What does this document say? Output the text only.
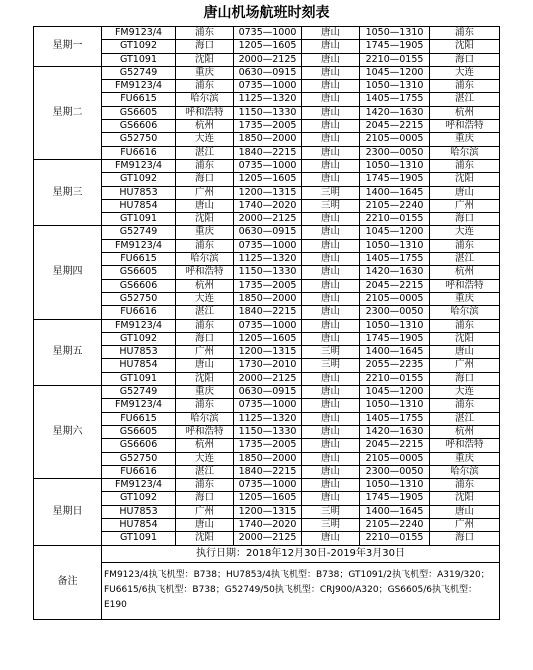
唐山机场航班时刻表
星期一	FM9123/4	浦东	0735—1000	唐山	1050—1310	浦东
	GT1092	海口	1205—1605	唐山	1745—1905	沈阳
	GT1091	沈阳	2000—2125	唐山	2210—0155	海口
星期二	G52749	重庆	0630—0915	唐山	1045—1200	大连
	FM9123/4	浦东	0735—1000	唐山	1050—1310	浦东
	FU6615	哈尔滨	1125—1320	唐山	1405—1755	湛江
	GS6605	呼和浩特	1150—1330	唐山	1420—1630	杭州
	GS6606	杭州	1735—2005	唐山	2045—2215	呼和浩特
	G52750	大连	1850—2000	唐山	2105—0005	重庆
	FU6616	湛江	1840—2215	唐山	2300—0050	哈尔滨
星期三	FM9123/4	浦东	0735—1000	唐山	1050—1310	浦东
	GT1092	海口	1205—1605	唐山	1745—1905	沈阳
	HU7853	广州	1200—1315	三明	1400—1645	唐山
	HU7854	唐山	1740—2020	三明	2105—2240	广州
	GT1091	沈阳	2000—2125	唐山	2210—0155	海口
星期四	G52749	重庆	0630—0915	唐山	1045—1200	大连
	FM9123/4	浦东	0735—1000	唐山	1050—1310	浦东
	FU6615	哈尔滨	1125—1320	唐山	1405—1755	湛江
	GS6605	呼和浩特	1150—1330	唐山	1420—1630	杭州
	GS6606	杭州	1735—2005	唐山	2045—2215	呼和浩特
	G52750	大连	1850—2000	唐山	2105—0005	重庆
	FU6616	湛江	1840—2215	唐山	2300—0050	哈尔滨
星期五	FM9123/4	浦东	0735—1000	唐山	1050—1310	浦东
	GT1092	海口	1205—1605	唐山	1745—1905	沈阳
	HU7853	广州	1200—1315	三明	1400—1645	唐山
	HU7854	唐山	1730—2010	三明	2055—2235	广州
	GT1091	沈阳	2000—2125	唐山	2210—0155	海口
星期六	G52749	重庆	0630—0915	唐山	1045—1200	大连
	FM9123/4	浦东	0735—1000	唐山	1050—1310	浦东
	FU6615	哈尔滨	1125—1320	唐山	1405—1755	湛江
	GS6605	呼和浩特	1150—1330	唐山	1420—1630	杭州
	GS6606	杭州	1735—2005	唐山	2045—2215	呼和浩特
	G52750	大连	1850—2000	唐山	2105—0005	重庆
	FU6616	湛江	1840—2215	唐山	2300—0050	哈尔滨
星期日	FM9123/4	浦东	0735—1000	唐山	1050—1310	浦东
	GT1092	海口	1205—1605	唐山	1745—1905	沈阳
	HU7853	广州	1200—1315	三明	1400—1645	唐山
	HU7854	唐山	1740—2020	三明	2105—2240	广州
	GT1091	沈阳	2000—2125	唐山	2210—0155	海口
备注	执行日期：2018年12月30日-2019年3月30日					
	FM9123/4执飞机型：B738；HU7853/4执飞机型：B738；GT1091/2执飞机型：A319/320；FU6615/6执飞机型：B738；G52749/50执飞机型：CRJ900/A320；GS6605/6执飞机型：E190					
